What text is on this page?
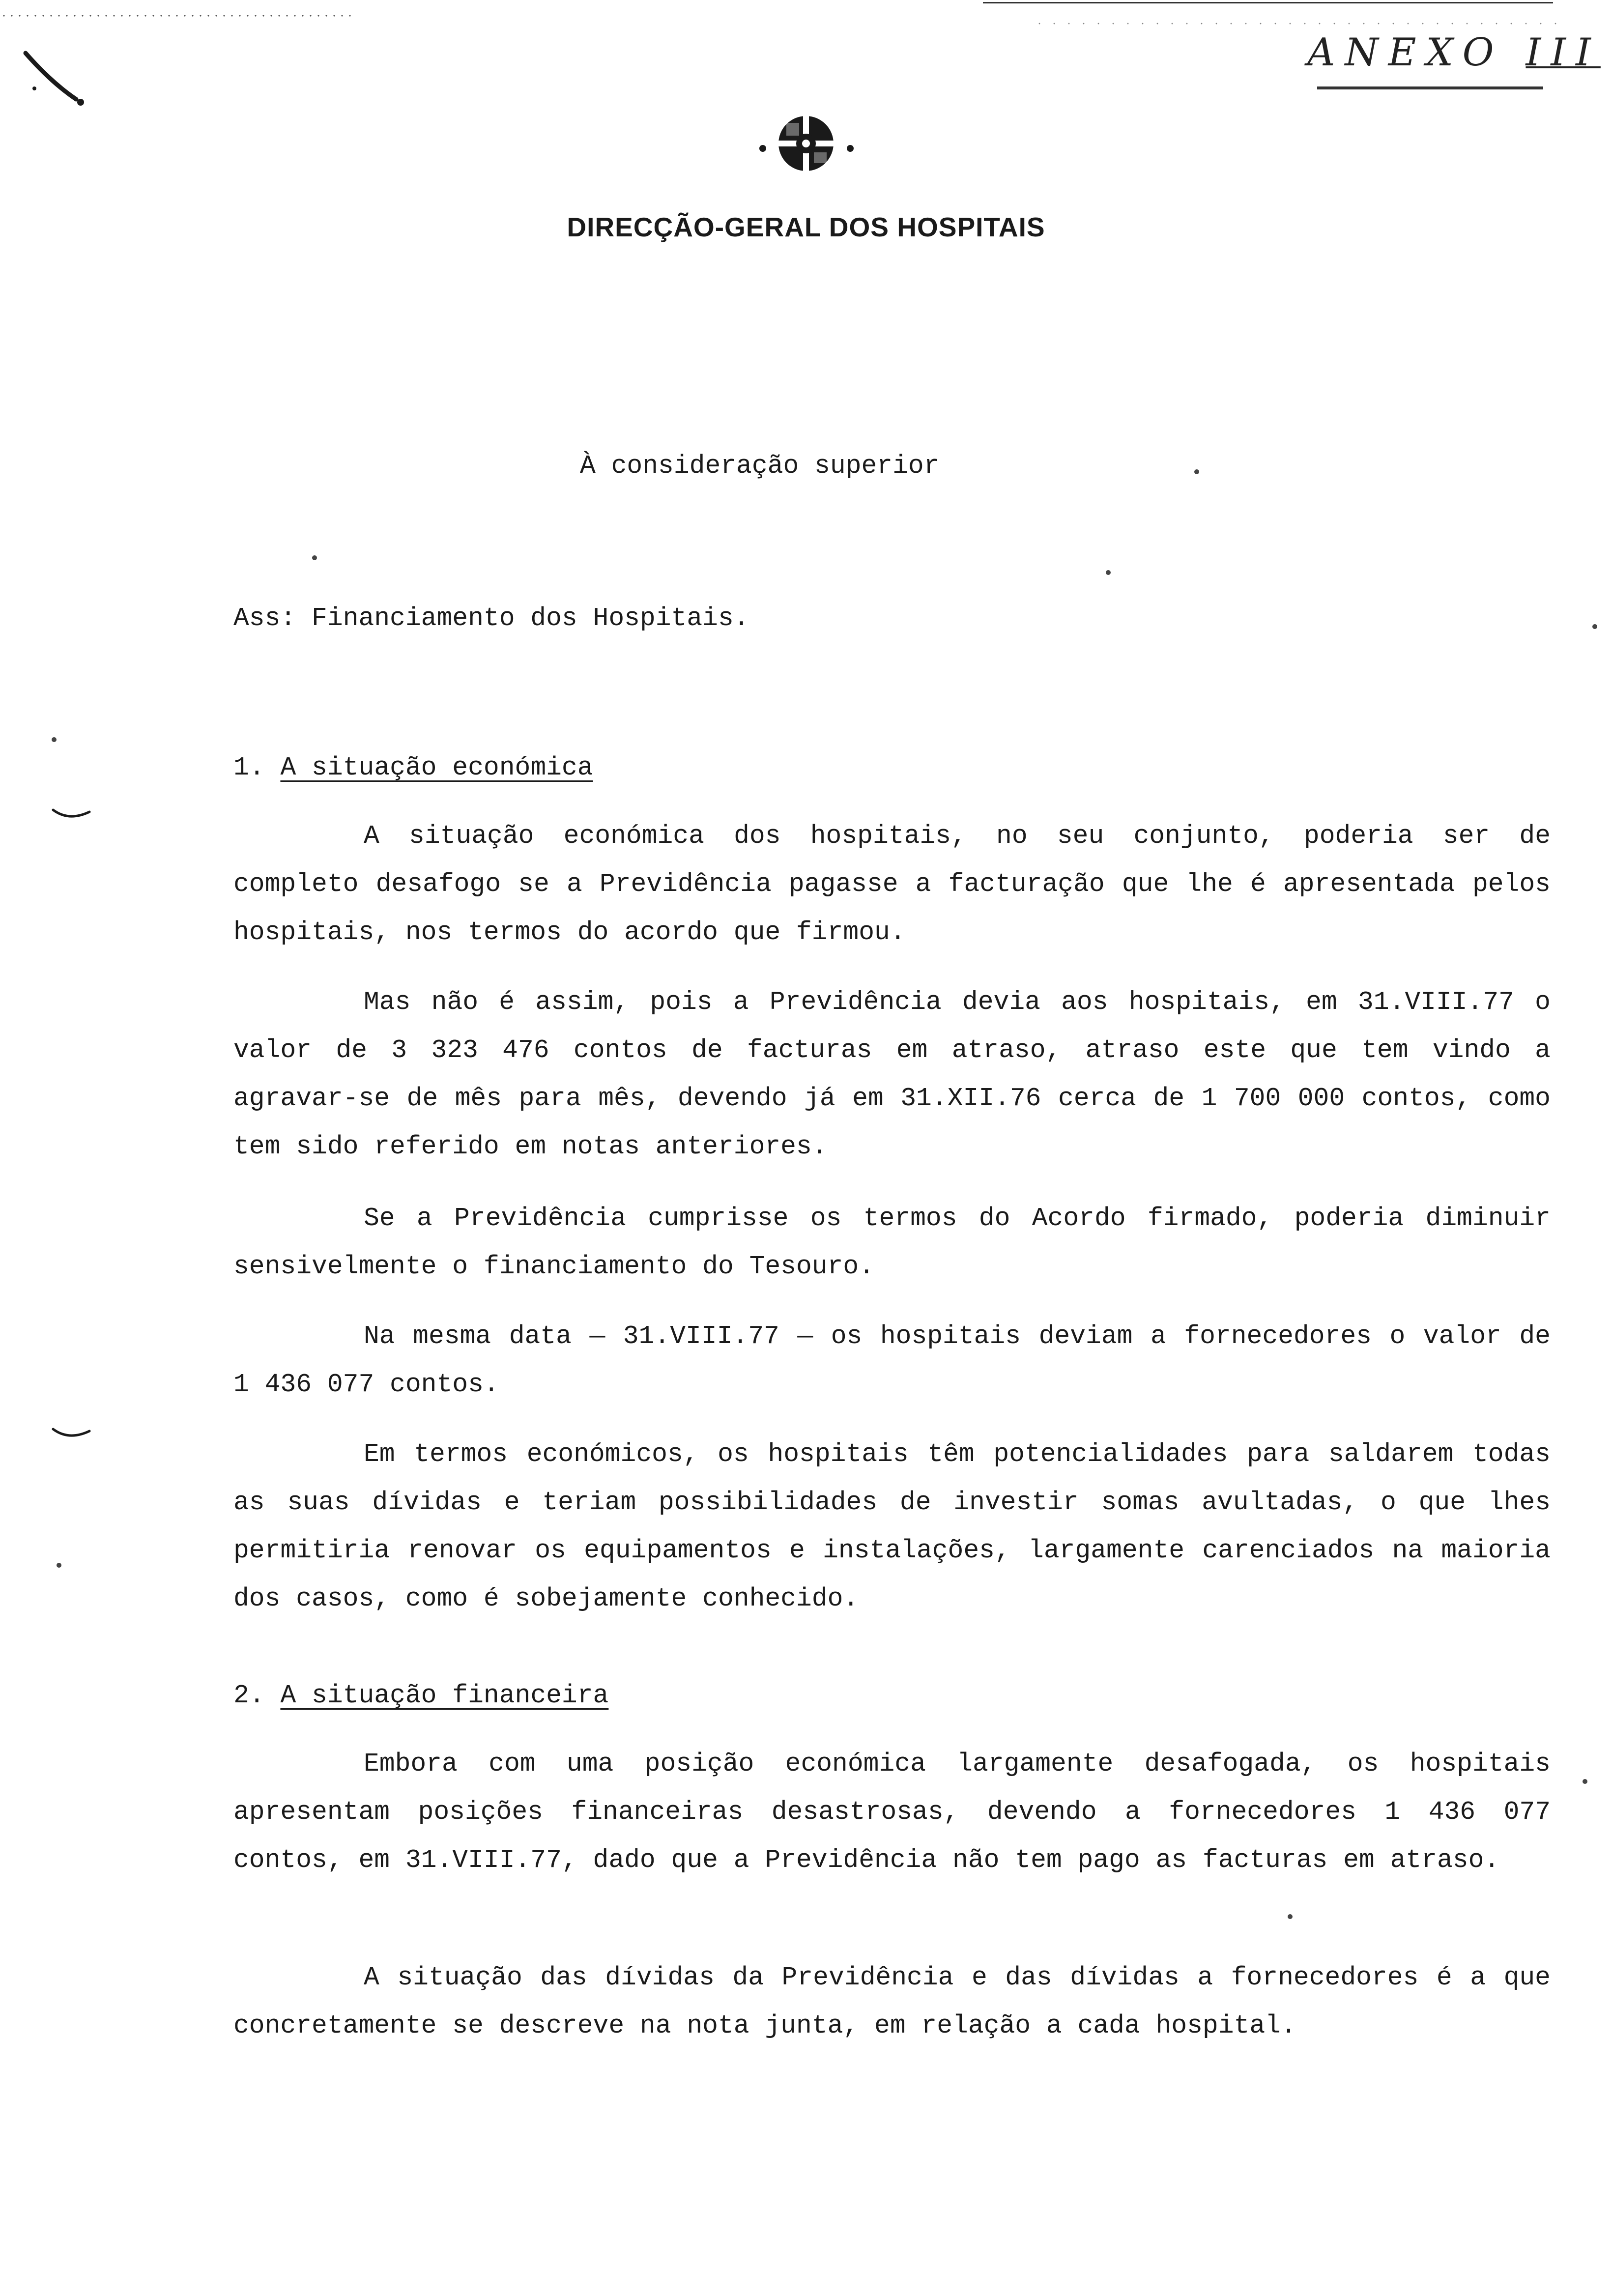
ANEXO III
DIRECÇÃO-GERAL DOS HOSPITAIS

À consideração superior

Ass: Financiamento dos Hospitais.

1. A situação económica

A situação económica dos hospitais, no seu conjunto, poderia ser de completo desafogo se a Previdência pagasse a facturação que lhe é apresentada pelos hospitais, nos termos do acordo que firmou.

Mas não é assim, pois a Previdência devia aos hospitais, em 31.VIII.77 o valor de 3 323 476 contos de facturas em atraso, atraso este que tem vindo a agravar-se de mês para mês, devendo já em 31.XII.76 cerca de 1 700 000 contos, como tem sido referido em notas anteriores.

Se a Previdência cumprisse os termos do Acordo firmado, poderia diminuir sensivelmente o financiamento do Tesouro.

Na mesma data — 31.VIII.77 — os hospitais deviam a fornecedores o valor de 1 436 077 contos.

Em termos económicos, os hospitais têm potencialidades para saldarem todas as suas dívidas e teriam possibilidades de investir somas avultadas, o que lhes permitiria renovar os equipamentos e instalações, largamente carenciados na maioria dos casos, como é sobejamente conhecido.

2. A situação financeira

Embora com uma posição económica largamente desafogada, os hospitais apresentam posições financeiras desastrosas, devendo a fornecedores 1 436 077 contos, em 31.VIII.77, dado que a Previdência não tem pago as facturas em atraso.

A situação das dívidas da Previdência e das dívidas a fornecedores é a que concretamente se descreve na nota junta, em relação a cada hospital.
